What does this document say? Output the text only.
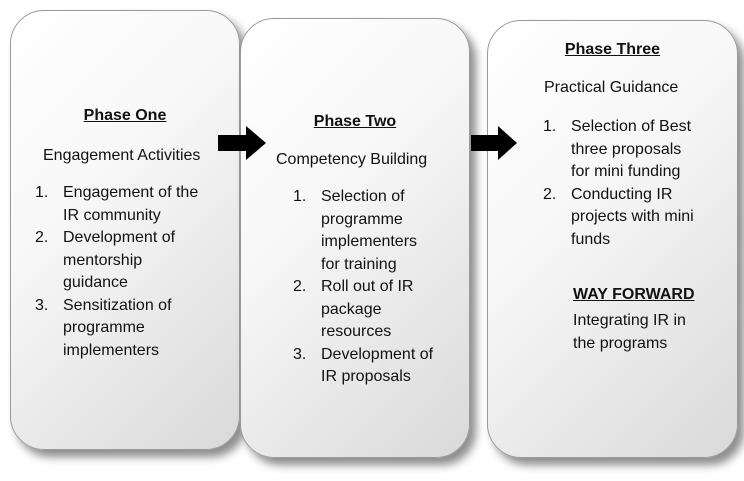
Phase One
Engagement Activities
1. Engagement of the
IR community
2. Development of
mentorship
guidance
3. Sensitization of
programme
implementers
Phase Two
Competency Building
1. Selection of
programme
implementers
for training
2. Roll out of IR
package
resources
3. Development of
IR proposals
Phase Three
Practical Guidance
1. Selection of Best
three proposals
for mini funding
2. Conducting IR
projects with mini
funds
WAY FORWARD
Integrating IR in
the programs
